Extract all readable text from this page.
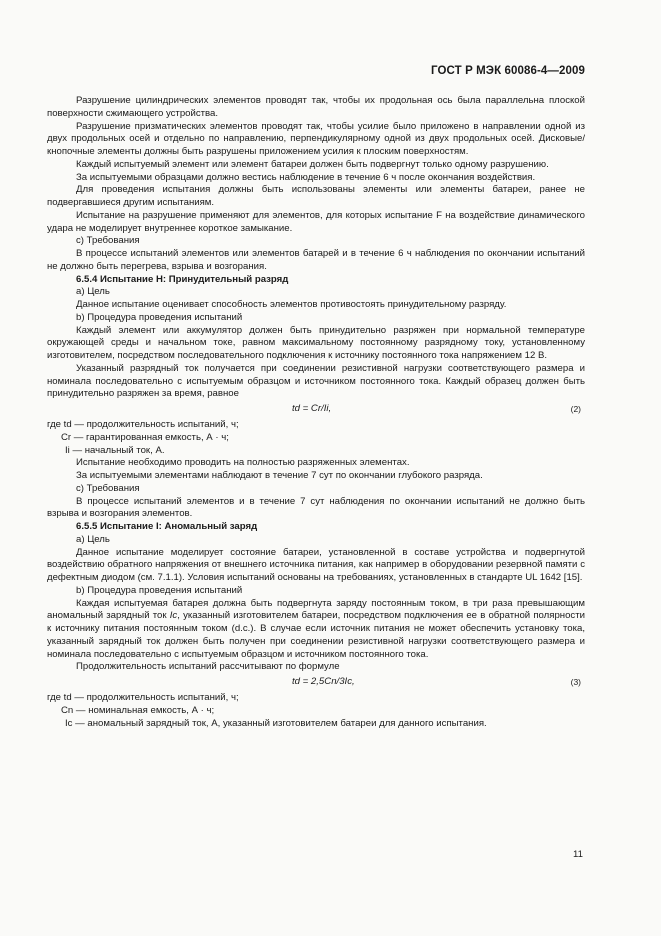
ГОСТ Р МЭК 60086-4—2009

Разрушение цилиндрических элементов проводят так, чтобы их продольная ось была параллельна плоской поверхности сжимающего устройства.

Разрушение призматических элементов проводят так, чтобы усилие было приложено в направлении одной из двух продольных осей и отдельно по направлению, перпендикулярному одной из двух продольных осей. Дисковые/кнопочные элементы должны быть разрушены приложением усилия к плоским поверхностям.

Каждый испытуемый элемент или элемент батареи должен быть подвергнут только одному разрушению.

За испытуемыми образцами должно вестись наблюдение в течение 6 ч после окончания воздействия.

Для проведения испытания должны быть использованы элементы или элементы батареи, ранее не подвергавшиеся другим испытаниям.

Испытание на разрушение применяют для элементов, для которых испытание F на воздействие динамического удара не моделирует внутреннее короткое замыкание.

c) Требования

В процессе испытаний элементов или элементов батарей и в течение 6 ч наблюдения по окончании испытаний не должно быть перегрева, взрыва и возгорания.

6.5.4 Испытание H: Принудительный разряд

a) Цель

Данное испытание оценивает способность элементов противостоять принудительному разряду.

b) Процедура проведения испытаний

Каждый элемент или аккумулятор должен быть принудительно разряжен при нормальной температуре окружающей среды и начальном токе, равном максимальному постоянному разрядному току, установленному изготовителем, посредством последовательного подключения к источнику постоянного тока напряжением 12 В.

Указанный разрядный ток получается при соединении резистивной нагрузки соответствующего размера и номинала последовательно с испытуемым образцом и источником постоянного тока. Каждый образец должен быть принудительно разряжен за время, равное

td = Cr/Ii,	(2)

где td — продолжительность испытаний, ч;

Cr — гарантированная емкость, А · ч;

Ii — начальный ток, А.

Испытание необходимо проводить на полностью разряженных элементах.

За испытуемыми элементами наблюдают в течение 7 сут по окончании глубокого разряда.

c) Требования

В процессе испытаний элементов и в течение 7 сут наблюдения по окончании испытаний не должно быть взрыва и возгорания элементов.

6.5.5 Испытание I: Аномальный заряд

a) Цель

Данное испытание моделирует состояние батареи, установленной в составе устройства и подвергнутой воздействию обратного напряжения от внешнего источника питания, как например в оборудовании резервной памяти с дефектным диодом (см. 7.1.1). Условия испытаний основаны на требованиях, установленных в стандарте UL 1642 [15].

b) Процедура проведения испытаний

Каждая испытуемая батарея должна быть подвергнута заряду постоянным током, в три раза превышающим аномальный зарядный ток Ic, указанный изготовителем батареи, посредством подключения ее в обратной полярности к источнику питания постоянным током (d.c.). В случае если источник питания не может обеспечить установку тока, указанный зарядный ток должен быть получен при соединении резистивной нагрузки соответствующего размера и номинала последовательно с испытуемым образцом и источником постоянного тока.

Продолжительность испытаний рассчитывают по формуле

td = 2,5Cn/3Ic,	(3)

где td — продолжительность испытаний, ч;

Cn — номинальная емкость, А · ч;

Ic — аномальный зарядный ток, А, указанный изготовителем батареи для данного испытания.

11
